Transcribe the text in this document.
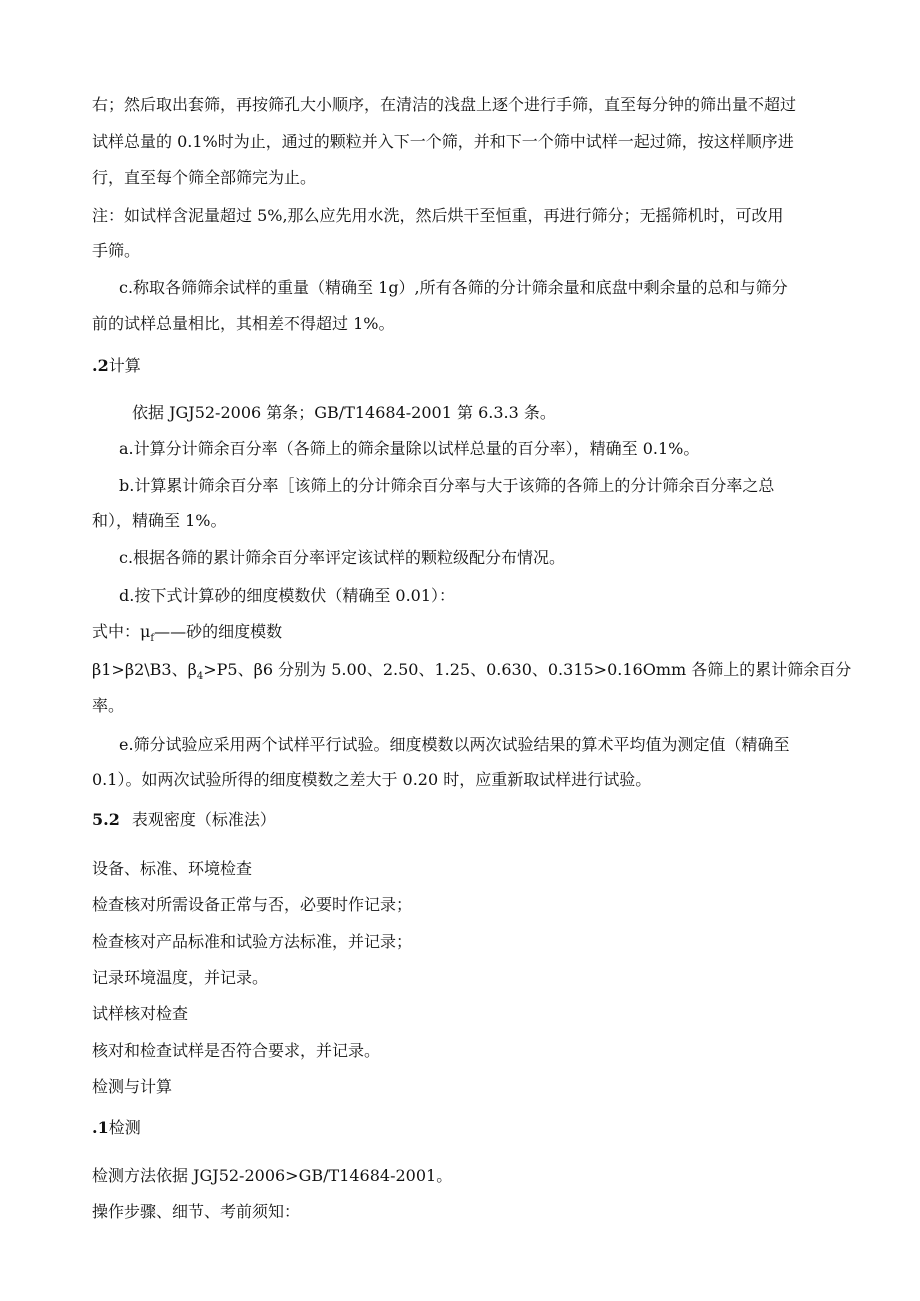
右；然后取出套筛，再按筛孔大小顺序，在清洁的浅盘上逐个进行手筛，直至每分钟的筛出量不超过
试样总量的 0.1%时为止，通过的颗粒并入下一个筛，并和下一个筛中试样一起过筛，按这样顺序进
行，直至每个筛全部筛完为止。
注：如试样含泥量超过 5%,那么应先用水洗，然后烘干至恒重，再进行筛分；无摇筛机时，可改用
手筛。
c.称取各筛筛余试样的重量（精确至 1g）,所有各筛的分计筛余量和底盘中剩余量的总和与筛分
前的试样总量相比，其相差不得超过 1%。
.2计算
依据 JGJ52-2006 第条；GB/T14684-2001 第 6.3.3 条。
a.计算分计筛余百分率（各筛上的筛余量除以试样总量的百分率），精确至 0.1%。
b.计算累计筛余百分率［该筛上的分计筛余百分率与大于该筛的各筛上的分计筛余百分率之总
和），精确至 1%。
c.根据各筛的累计筛余百分率评定该试样的颗粒级配分布情况。
d.按下式计算砂的细度模数伏（精确至 0.01）：
式中：$\mu_f——$砂的细度模数
β1>β2\B3、$\beta_4>P5$、β6 分别为 5.00、2.50、1.25、0.630、0.315>0.16Omm 各筛上的累计筛余百分
率。
e.筛分试验应采用两个试样平行试验。细度模数以两次试验结果的算术平均值为测定值（精确至
0.1）。如两次试验所得的细度模数之差大于 0.20 时，应重新取试样进行试验。
5.2 表观密度（标准法）
设备、标准、环境检查
检查核对所需设备正常与否，必要时作记录；
检查核对产品标准和试验方法标准，并记录；
记录环境温度，并记录。
试样核对检查
核对和检查试样是否符合要求，并记录。
检测与计算
.1检测
检测方法依据 JGJ52-2006>GB/T14684-2001。
操作步骤、细节、考前须知：
